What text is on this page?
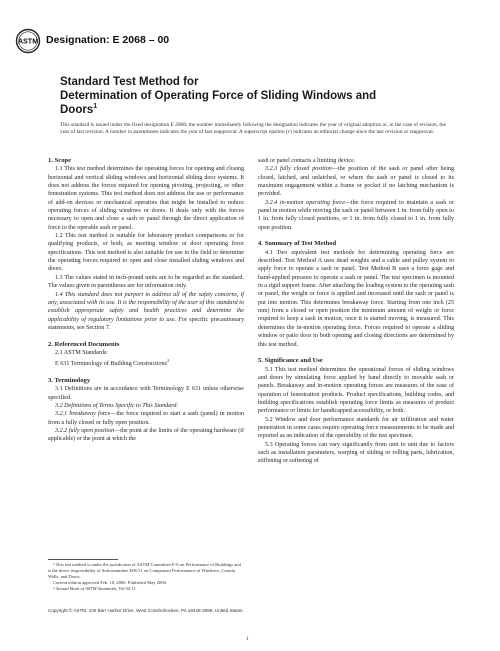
ASTM Designation: E 2068 – 00
Standard Test Method for
Determination of Operating Force of Sliding Windows and
Doors$^1$
This standard is issued under the fixed designation E 2068; the number immediately following the designation indicates the year of original adoption or, in the case of revision, the year of last revision. A number in parentheses indicates the year of last reapproval. A superscript epsilon (ε) indicates an editorial change since the last revision or reapproval.
1. Scope

1.1 This test method determines the operating forces for opening and closing horizontal and vertical sliding windows and horizontal sliding door systems. It does not address the forces required for opening pivoting, projecting, or other fenestration systems. This test method does not address the use or performance of add-on devices or mechanical operators that might be installed to reduce operating forces of sliding windows or doors. It deals only with the forces necessary to open and close a sash or panel through the direct application of force to the operable sash or panel.

1.2 This test method is suitable for laboratory product comparisons or for qualifying products, or both, as meeting window or door operating force specifications. This test method is also suitable for use in the field to determine the operating forces required to open and close installed sliding windows and doors.

1.3 The values stated in inch-pound units are to be regarded as the standard. The values given in parentheses are for information only.

1.4 This standard does not purport to address all of the safety concerns, if any, associated with its use. It is the responsibility of the user of this standard to establish appropriate safety and health practices and determine the applicability of regulatory limitations prior to use. For specific precautionary statements, see Section 7.

2. Referenced Documents

2.1 ASTM Standards:

E 631 Terminology of Building Constructions$^2$

3. Terminology

3.1 Definitions are in accordance with Terminology E 631 unless otherwise specified.

3.2 Definitions of Terms Specific to This Standard:

3.2.1 breakaway force—the force required to start a sash (panel) in motion from a fully closed or fully open position.

3.2.2 fully open position—the point at the limits of the operating hardware (if applicable) or the point at which the

¹ This test method is under the jurisdiction of ASTM Committee E-6 on Performance of Buildings and is the direct responsibility of Subcommittee E06.51 on Component Performance of Windows, Curtain Walls, and Doors.

Current edition approved Feb. 10, 2000. Published May 2000.

² Annual Book of ASTM Standards, Vol 04.11.

sash or panel contacts a limiting device.

3.2.3 fully closed position—the position of the sash or panel after being closed, latched, and unlatched, or where the sash or panel is closed to its maximum engagement within a frame or pocket if no latching mechanism is provided.

3.2.4 in-motion operating force—the force required to maintain a sash or panel in motion while moving the sash or panel between 1 in. from fully open to 1 in. from fully closed positions, or 1 in. from fully closed to 1 in. from fully open position.

4. Summary of Test Method

4.1 Two equivalent test methods for determining operating force are described. Test Method A uses dead weights and a cable and pulley system to apply force to operate a sash or panel. Test Method B uses a force gage and hand-applied pressure to operate a sash or panel. The test specimen is mounted in a rigid support frame. After attaching the loading system to the operating sash or panel, the weight or force is applied and increased until the sash or panel is put into motion. This determines breakaway force. Starting from one inch (25 mm) from a closed or open position the minimum amount of weight or force required to keep a sash in motion, once it is started moving, is measured. This determines the in-motion operating force. Forces required to operate a sliding window or patio door in both opening and closing directions are determined by this test method.

5. Significance and Use

5.1 This test method determines the operational forces of sliding windows and doors by simulating force applied by hand directly to movable sash or panels. Breakaway and in-motion operating forces are measures of the ease of operation of fenestration products. Product specifications, building codes, and building specifications establish operating force limits as measures of product performance or limits for handicapped accessibility, or both.

5.2 Window and door performance standards for air infiltration and water penetration in some cases require operating force measurements to be made and reported as an indication of the operability of the test specimen.

5.3 Operating forces can vary significantly from unit to unit due to factors such as installation parameters, warping of sliding or rolling parts, lubrication, stiffening or softening of

Copyright © ASTM, 100 Barr Harbor Drive, West Conshohocken, PA 19428-2959, United States.
1
